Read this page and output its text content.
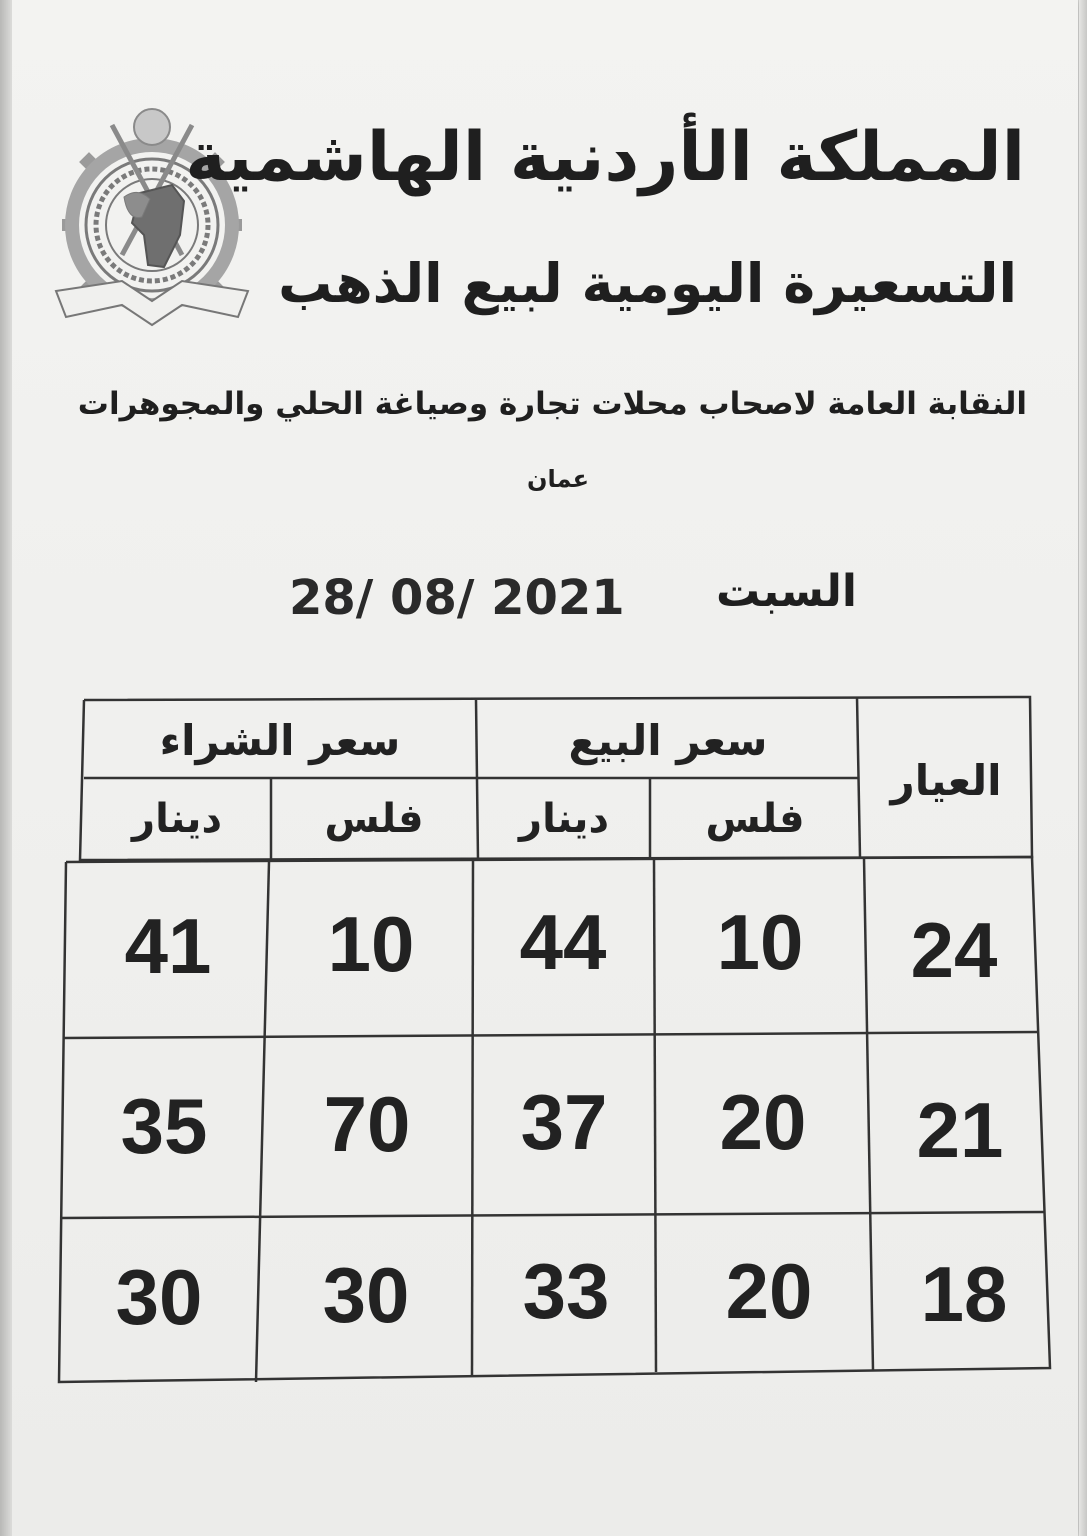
المملكة الأردنية الهاشمية
التسعيرة اليومية لبيع الذهب
النقابة العامة لاصحاب محلات تجارة وصياغة الحلي والمجوهرات
عمان
السبت
28/ 08/ 2021
العيار
سعر البيع
سعر الشراء
فلس
دينار
فلس
دينار
24
10
44
10
41
21
20
37
70
35
18
20
33
30
30
